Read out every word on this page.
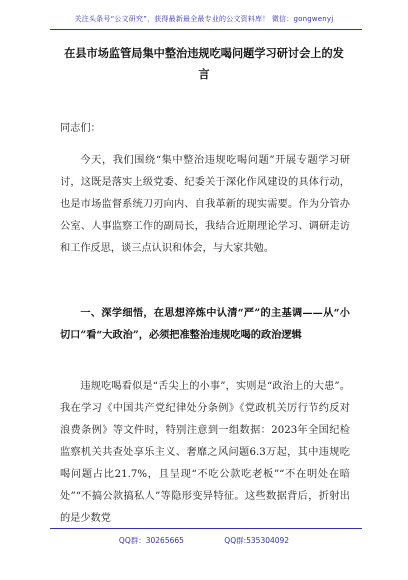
关注头条号“公文研究”，获得最新最全最专业的公文资料库！ 微信：gongwenyj
在县市场监管局集中整治违规吃喝问题学习研讨会上的发言

同志们：

今天，我们围绕“集中整治违规吃喝问题”开展专题学习研讨，这既是落实上级党委、纪委关于深化作风建设的具体行动，也是市场监督系统刀刃向内、自我革新的现实需要。作为分管办公室、人事监察工作的副局长，我结合近期理论学习、调研走访和工作反思，谈三点认识和体会，与大家共勉。

一、深学细悟，在思想淬炼中认清“严”的主基调——从“小切口”看“大政治”，必须把准整治违规吃喝的政治逻辑

违规吃喝看似是“舌尖上的小事”，实则是“政治上的大患”。我在学习《中国共产党纪律处分条例》《党政机关厉行节约反对浪费条例》等文件时，特别注意到一组数据：2023年全国纪检监察机关共查处享乐主义、奢靡之风问题6.3万起，其中违规吃喝问题占比21.7%，且呈现“不吃公款吃老板”“不在明处在暗处”“不搞公款搞私人”等隐形变异特征。这些数据背后，折射出的是少数党

QQ群：30265665	QQ群:535304092
